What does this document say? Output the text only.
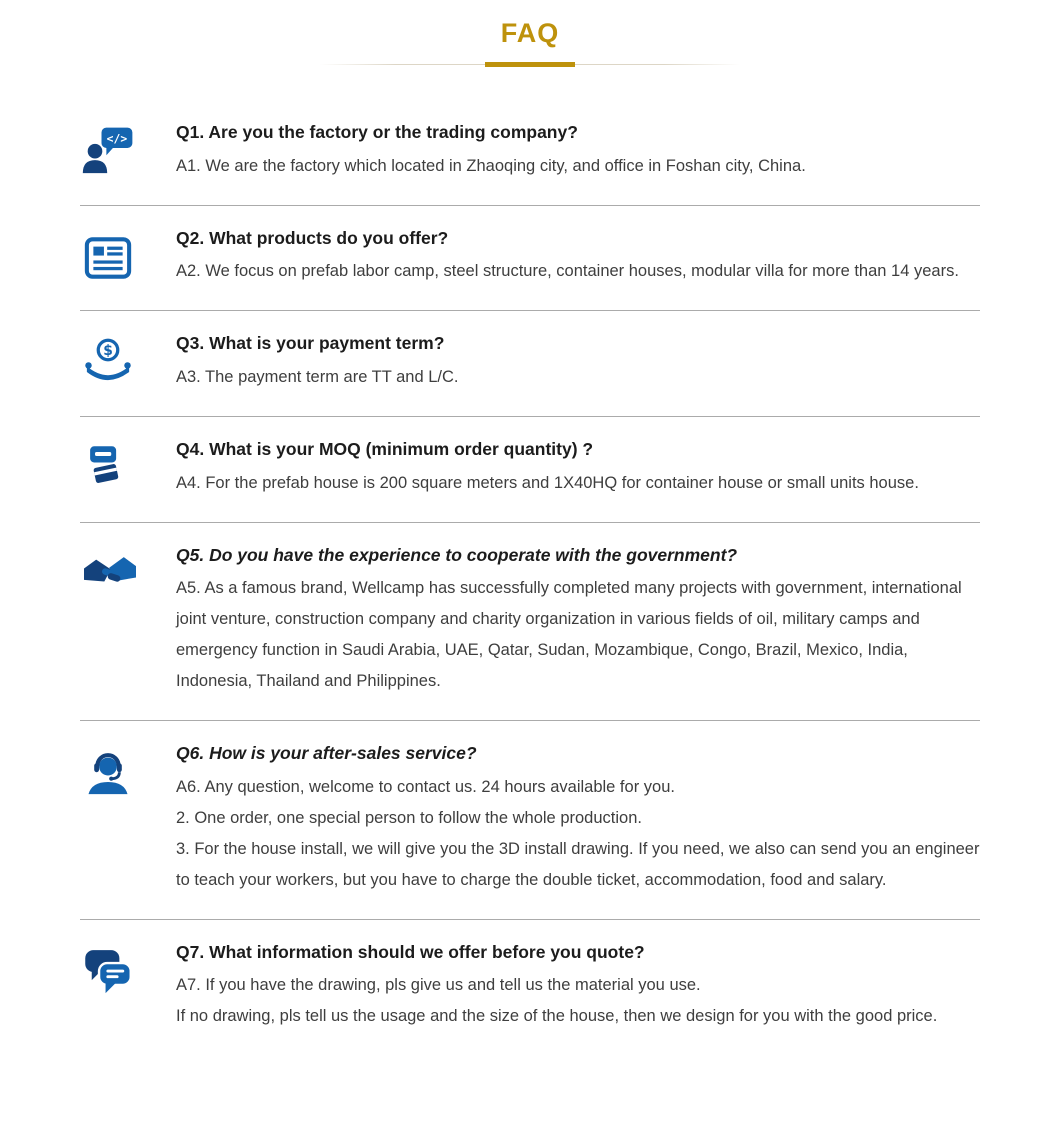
FAQ
</>	Q1. Are you the factory or the trading company?

A1. We are the factory which located in Zhaoqing city, and office in Foshan city, China.

Q2. What products do you offer?

A2. We focus on prefab labor camp, steel structure, container houses, modular villa for more than 14 years.

$	Q3. What is your payment term?

A3. The payment term are TT and L/C.

Q4. What is your MOQ (minimum order quantity) ?

A4. For the prefab house is 200 square meters and 1X40HQ for container house or small units house.

Q5. Do you have the experience to cooperate with the government?

A5. As a famous brand, Wellcamp has successfully completed many projects with government, international joint venture, construction company and charity organization in various fields of oil, military camps and emergency function in Saudi Arabia, UAE, Qatar, Sudan, Mozambique, Congo, Brazil, Mexico, India, Indonesia, Thailand and Philippines.

Q6. How is your after-sales service?

A6. Any question, welcome to contact us. 24 hours available for you.

2. One order, one special person to follow the whole production.

3. For the house install, we will give you the 3D install drawing. If you need, we also can send you an engineer to teach your workers, but you have to charge the double ticket, accommodation, food and salary.

Q7. What information should we offer before you quote?

A7. If you have the drawing, pls give us and tell us the material you use.

If no drawing, pls tell us the usage and the size of the house, then we design for you with the good price.
